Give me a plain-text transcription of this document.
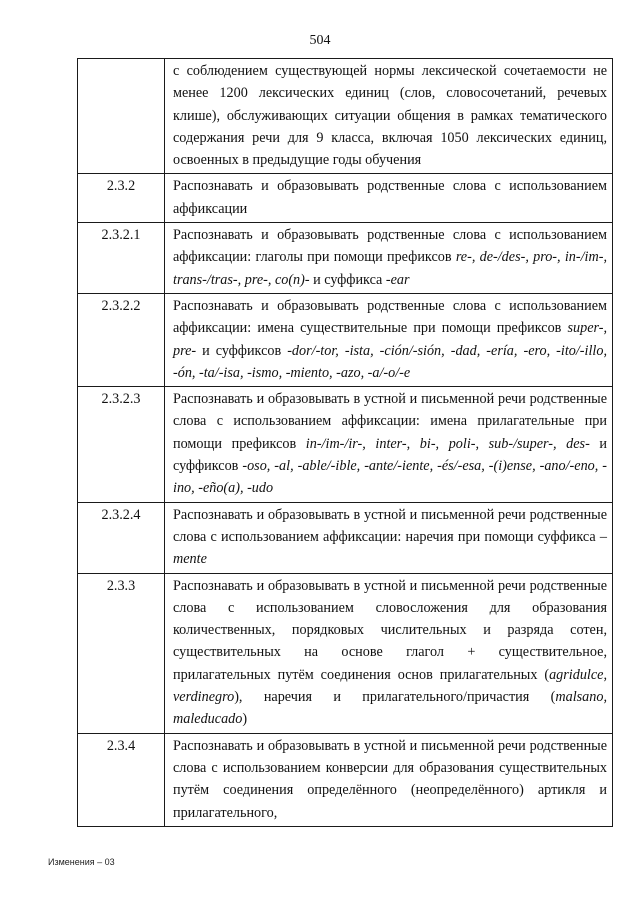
504
	с соблюдением существующей нормы лексической сочетаемости не менее 1200 лексических единиц (слов, словосочетаний, речевых клише), обслуживающих ситуации общения в рамках тематического содержания речи для 9 класса, включая 1050 лексических единиц, освоенных в предыдущие годы обучения
2.3.2	Распознавать и образовывать родственные слова с использованием аффиксации
2.3.2.1	Распознавать и образовывать родственные слова с использованием аффиксации: глаголы при помощи префиксов re-, de-/des-, pro-, in-/im-, trans-/tras-, pre-, co(n)- и суффикса -ear
2.3.2.2	Распознавать и образовывать родственные слова с использованием аффиксации: имена существительные при помощи префиксов super-, pre- и суффиксов -dor/-tor, -ista, -ción/-sión, -dad, -ería, -ero, -ito/-illo, -ón, -ta/-isa, -ismo, -miento, -azo, -a/-o/-e
2.3.2.3	Распознавать и образовывать в устной и письменной речи родственные слова с использованием аффиксации: имена прилагательные при помощи префиксов in-/im-/ir-, inter-, bi-, poli-, sub-/super-, des- и суффиксов -oso, -al, -able/-ible, -ante/-iente, -és/-esa, -(i)ense, -ano/-eno, -ino, -eño(a), -udo
2.3.2.4	Распознавать и образовывать в устной и письменной речи родственные слова с использованием аффиксации: наречия при помощи суффикса –mente
2.3.3	Распознавать и образовывать в устной и письменной речи родственные слова с использованием словосложения для образования количественных, порядковых числительных и разряда сотен, существительных на основе глагол + существительное, прилагательных путём соединения основ прилагательных (agridulce, verdinegro), наречия и прилагательного/причастия (malsano, maleducado)
2.3.4	Распознавать и образовывать в устной и письменной речи родственные слова с использованием конверсии для образования существительных путём соединения определённого (неопределённого) артикля и прилагательного,
Изменения – 03
